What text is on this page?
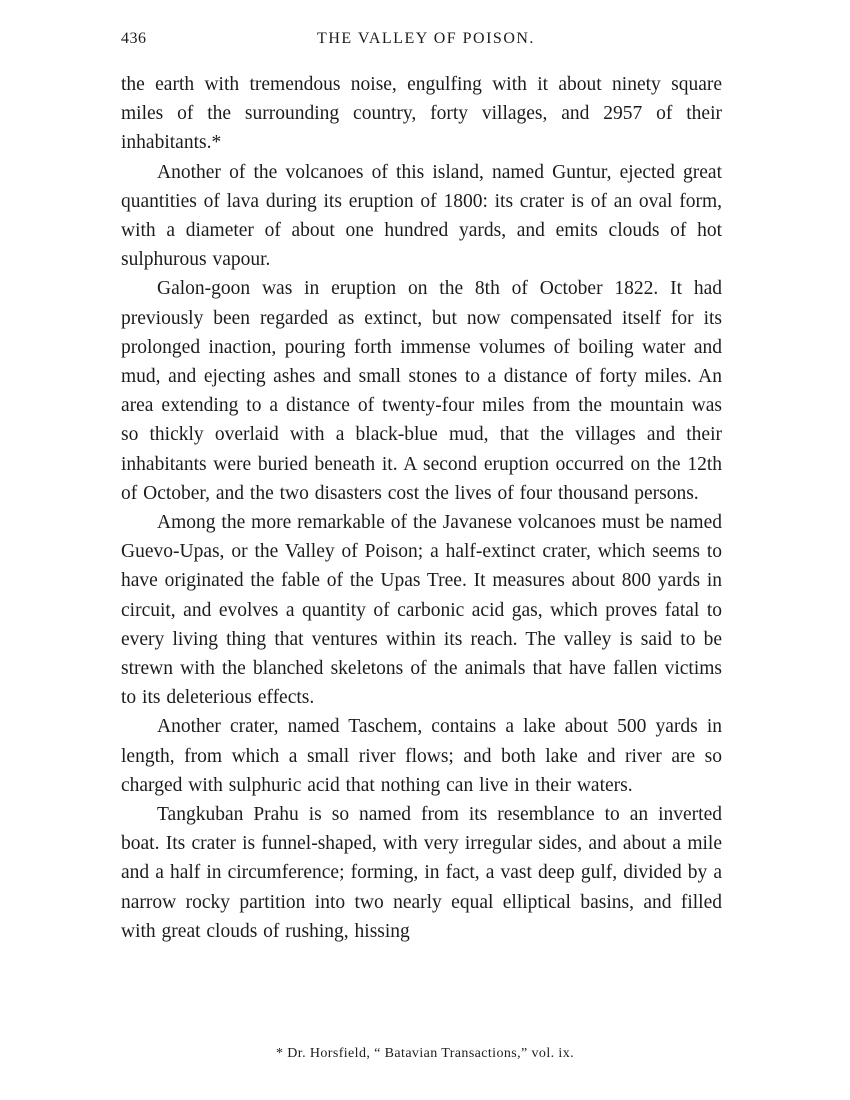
436	THE VALLEY OF POISON.

the earth with tremendous noise, engulfing with it about ninety square miles of the surrounding country, forty villages, and 2957 of their inhabitants.*

Another of the volcanoes of this island, named Guntur, ejected great quantities of lava during its eruption of 1800: its crater is of an oval form, with a diameter of about one hundred yards, and emits clouds of hot sulphurous vapour.

Galon-goon was in eruption on the 8th of October 1822. It had previously been regarded as extinct, but now compensated itself for its prolonged inaction, pouring forth immense volumes of boiling water and mud, and ejecting ashes and small stones to a distance of forty miles. An area extending to a distance of twenty-four miles from the mountain was so thickly overlaid with a black-blue mud, that the villages and their inhabitants were buried beneath it. A second eruption occurred on the 12th of October, and the two disasters cost the lives of four thousand persons.

Among the more remarkable of the Javanese volcanoes must be named Guevo-Upas, or the Valley of Poison; a half-extinct crater, which seems to have originated the fable of the Upas Tree. It measures about 800 yards in circuit, and evolves a quantity of carbonic acid gas, which proves fatal to every living thing that ventures within its reach. The valley is said to be strewn with the blanched skeletons of the animals that have fallen victims to its deleterious effects.

Another crater, named Taschem, contains a lake about 500 yards in length, from which a small river flows; and both lake and river are so charged with sulphuric acid that nothing can live in their waters.

Tangkuban Prahu is so named from its resemblance to an inverted boat. Its crater is funnel-shaped, with very irregular sides, and about a mile and a half in circumference; forming, in fact, a vast deep gulf, divided by a narrow rocky partition into two nearly equal elliptical basins, and filled with great clouds of rushing, hissing

* Dr. Horsfield, “ Batavian Transactions,” vol. ix.
